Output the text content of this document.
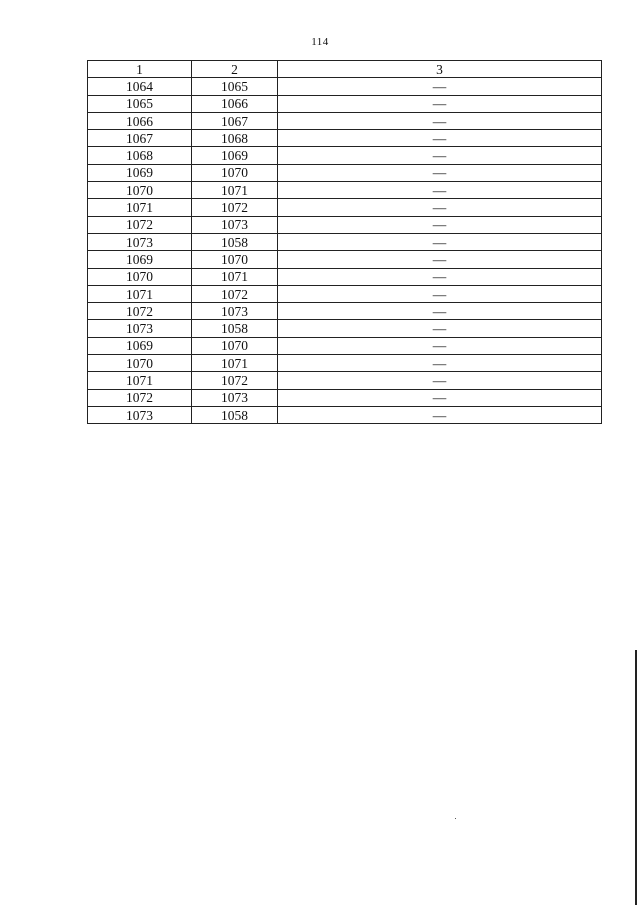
114
1	2	3
1064	1065	—
1065	1066	—
1066	1067	—
1067	1068	—
1068	1069	—
1069	1070	—
1070	1071	—
1071	1072	—
1072	1073	—
1073	1058	—
1069	1070	—
1070	1071	—
1071	1072	—
1072	1073	—
1073	1058	—
1069	1070	—
1070	1071	—
1071	1072	—
1072	1073	—
1073	1058	—
